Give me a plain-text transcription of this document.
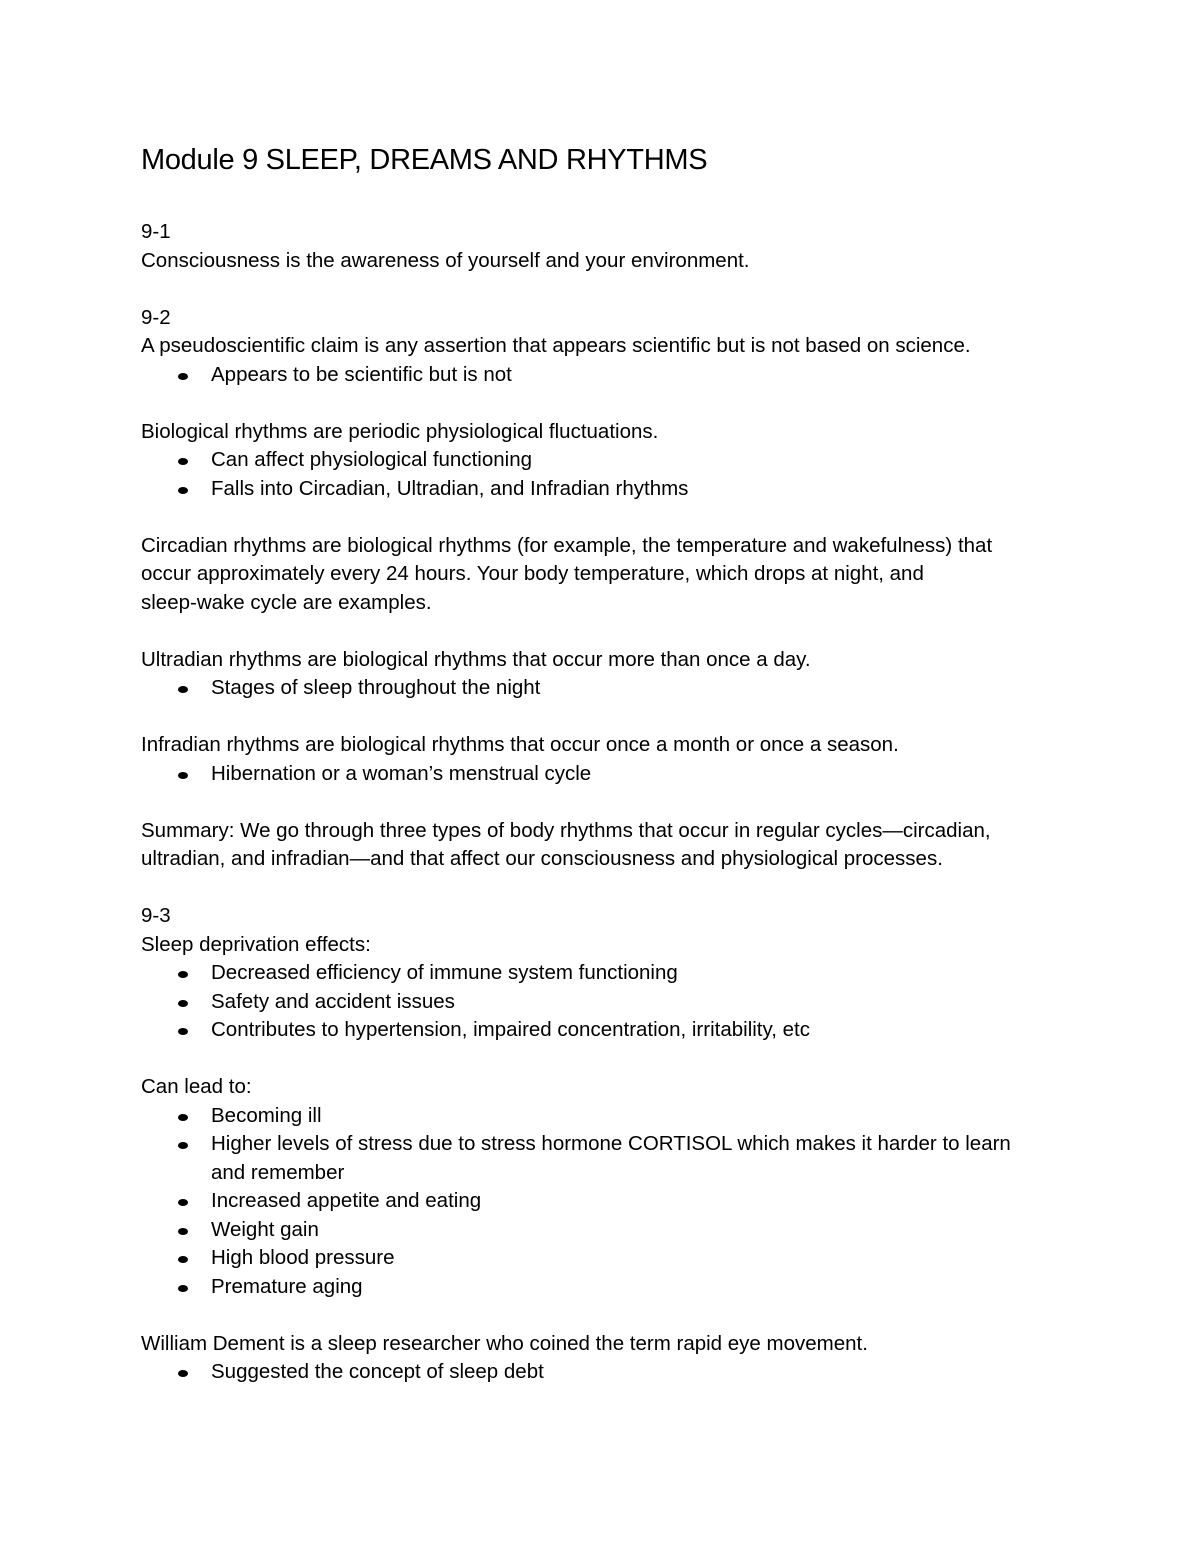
Module 9 SLEEP, DREAMS AND RHYTHMS

9-1

Consciousness is the awareness of yourself and your environment.

9-2

A pseudoscientific claim is any assertion that appears scientific but is not based on science.

Appears to be scientific but is not

Biological rhythms are periodic physiological fluctuations.

Can affect physiological functioning
Falls into Circadian, Ultradian, and Infradian rhythms

Circadian rhythms are biological rhythms (for example, the temperature and wakefulness) that

occur approximately every 24 hours. Your body temperature, which drops at night, and

sleep-wake cycle are examples.

Ultradian rhythms are biological rhythms that occur more than once a day.

Stages of sleep throughout the night

Infradian rhythms are biological rhythms that occur once a month or once a season.

Hibernation or a woman’s menstrual cycle

Summary: We go through three types of body rhythms that occur in regular cycles—circadian,

ultradian, and infradian—and that affect our consciousness and physiological processes.

9-3

Sleep deprivation effects:

Decreased efficiency of immune system functioning
Safety and accident issues
Contributes to hypertension, impaired concentration, irritability, etc

Can lead to:

Becoming ill
Higher levels of stress due to stress hormone CORTISOL which makes it harder to learn
and remember
Increased appetite and eating
Weight gain
High blood pressure
Premature aging

William Dement is a sleep researcher who coined the term rapid eye movement.

Suggested the concept of sleep debt
